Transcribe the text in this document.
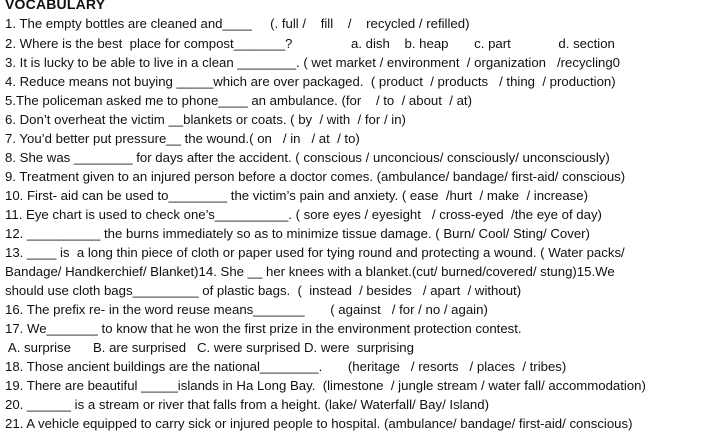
VOCABULARY
1. The empty bottles are cleaned and____     (. full /    fill    /    recycled / refilled)
2. Where is the best  place for compost_______?                a. dish    b. heap       c. part             d. section
3. It is lucky to be able to live in a clean ________. ( wet market / environment  / organization   /recycling0
4. Reduce means not buying _____which are over packaged.  ( product  / products   / thing  / production)
5.The policeman asked me to phone____ an ambulance. (for    / to  / about  / at)
6. Don’t overheat the victim __blankets or coats. ( by  / with  / for / in)
7. You’d better put pressure__ the wound.( on   / in   / at  / to)
8. She was ________ for days after the accident. ( conscious / unconcious/ consciously/ unconsciously)
9. Treatment given to an injured person before a doctor comes. (ambulance/ bandage/ first-aid/ conscious)
10. First- aid can be used to________ the victim’s pain and anxiety. ( ease  /hurt  / make  / increase)
11. Eye chart is used to check one’s__________. ( sore eyes / eyesight   / cross-eyed  /the eye of day)
12. __________ the burns immediately so as to minimize tissue damage. ( Burn/ Cool/ Sting/ Cover)
13. ____ is  a long thin piece of cloth or paper used for tying round and protecting a wound. ( Water packs/
Bandage/ Handkerchief/ Blanket)14. She __ her knees with a blanket.(cut/ burned/covered/ stung)15.We
should use cloth bags_________ of plastic bags.  (  instead  / besides   / apart  / without)
16. The prefix re- in the word reuse means_______       ( against   / for / no / again)
17. We_______ to know that he won the first prize in the environment protection contest.
A. surprise      B. are surprised   C. were surprised D. were  surprising
18. Those ancient buildings are the national________.       (heritage   / resorts   / places  / tribes)
19. There are beautiful _____islands in Ha Long Bay.  (limestone  / jungle stream / water fall/ accommodation)
20. ______ is a stream or river that falls from a height. (lake/ Waterfall/ Bay/ Island)
21. A vehicle equipped to carry sick or injured people to hospital. (ambulance/ bandage/ first-aid/ conscious)
